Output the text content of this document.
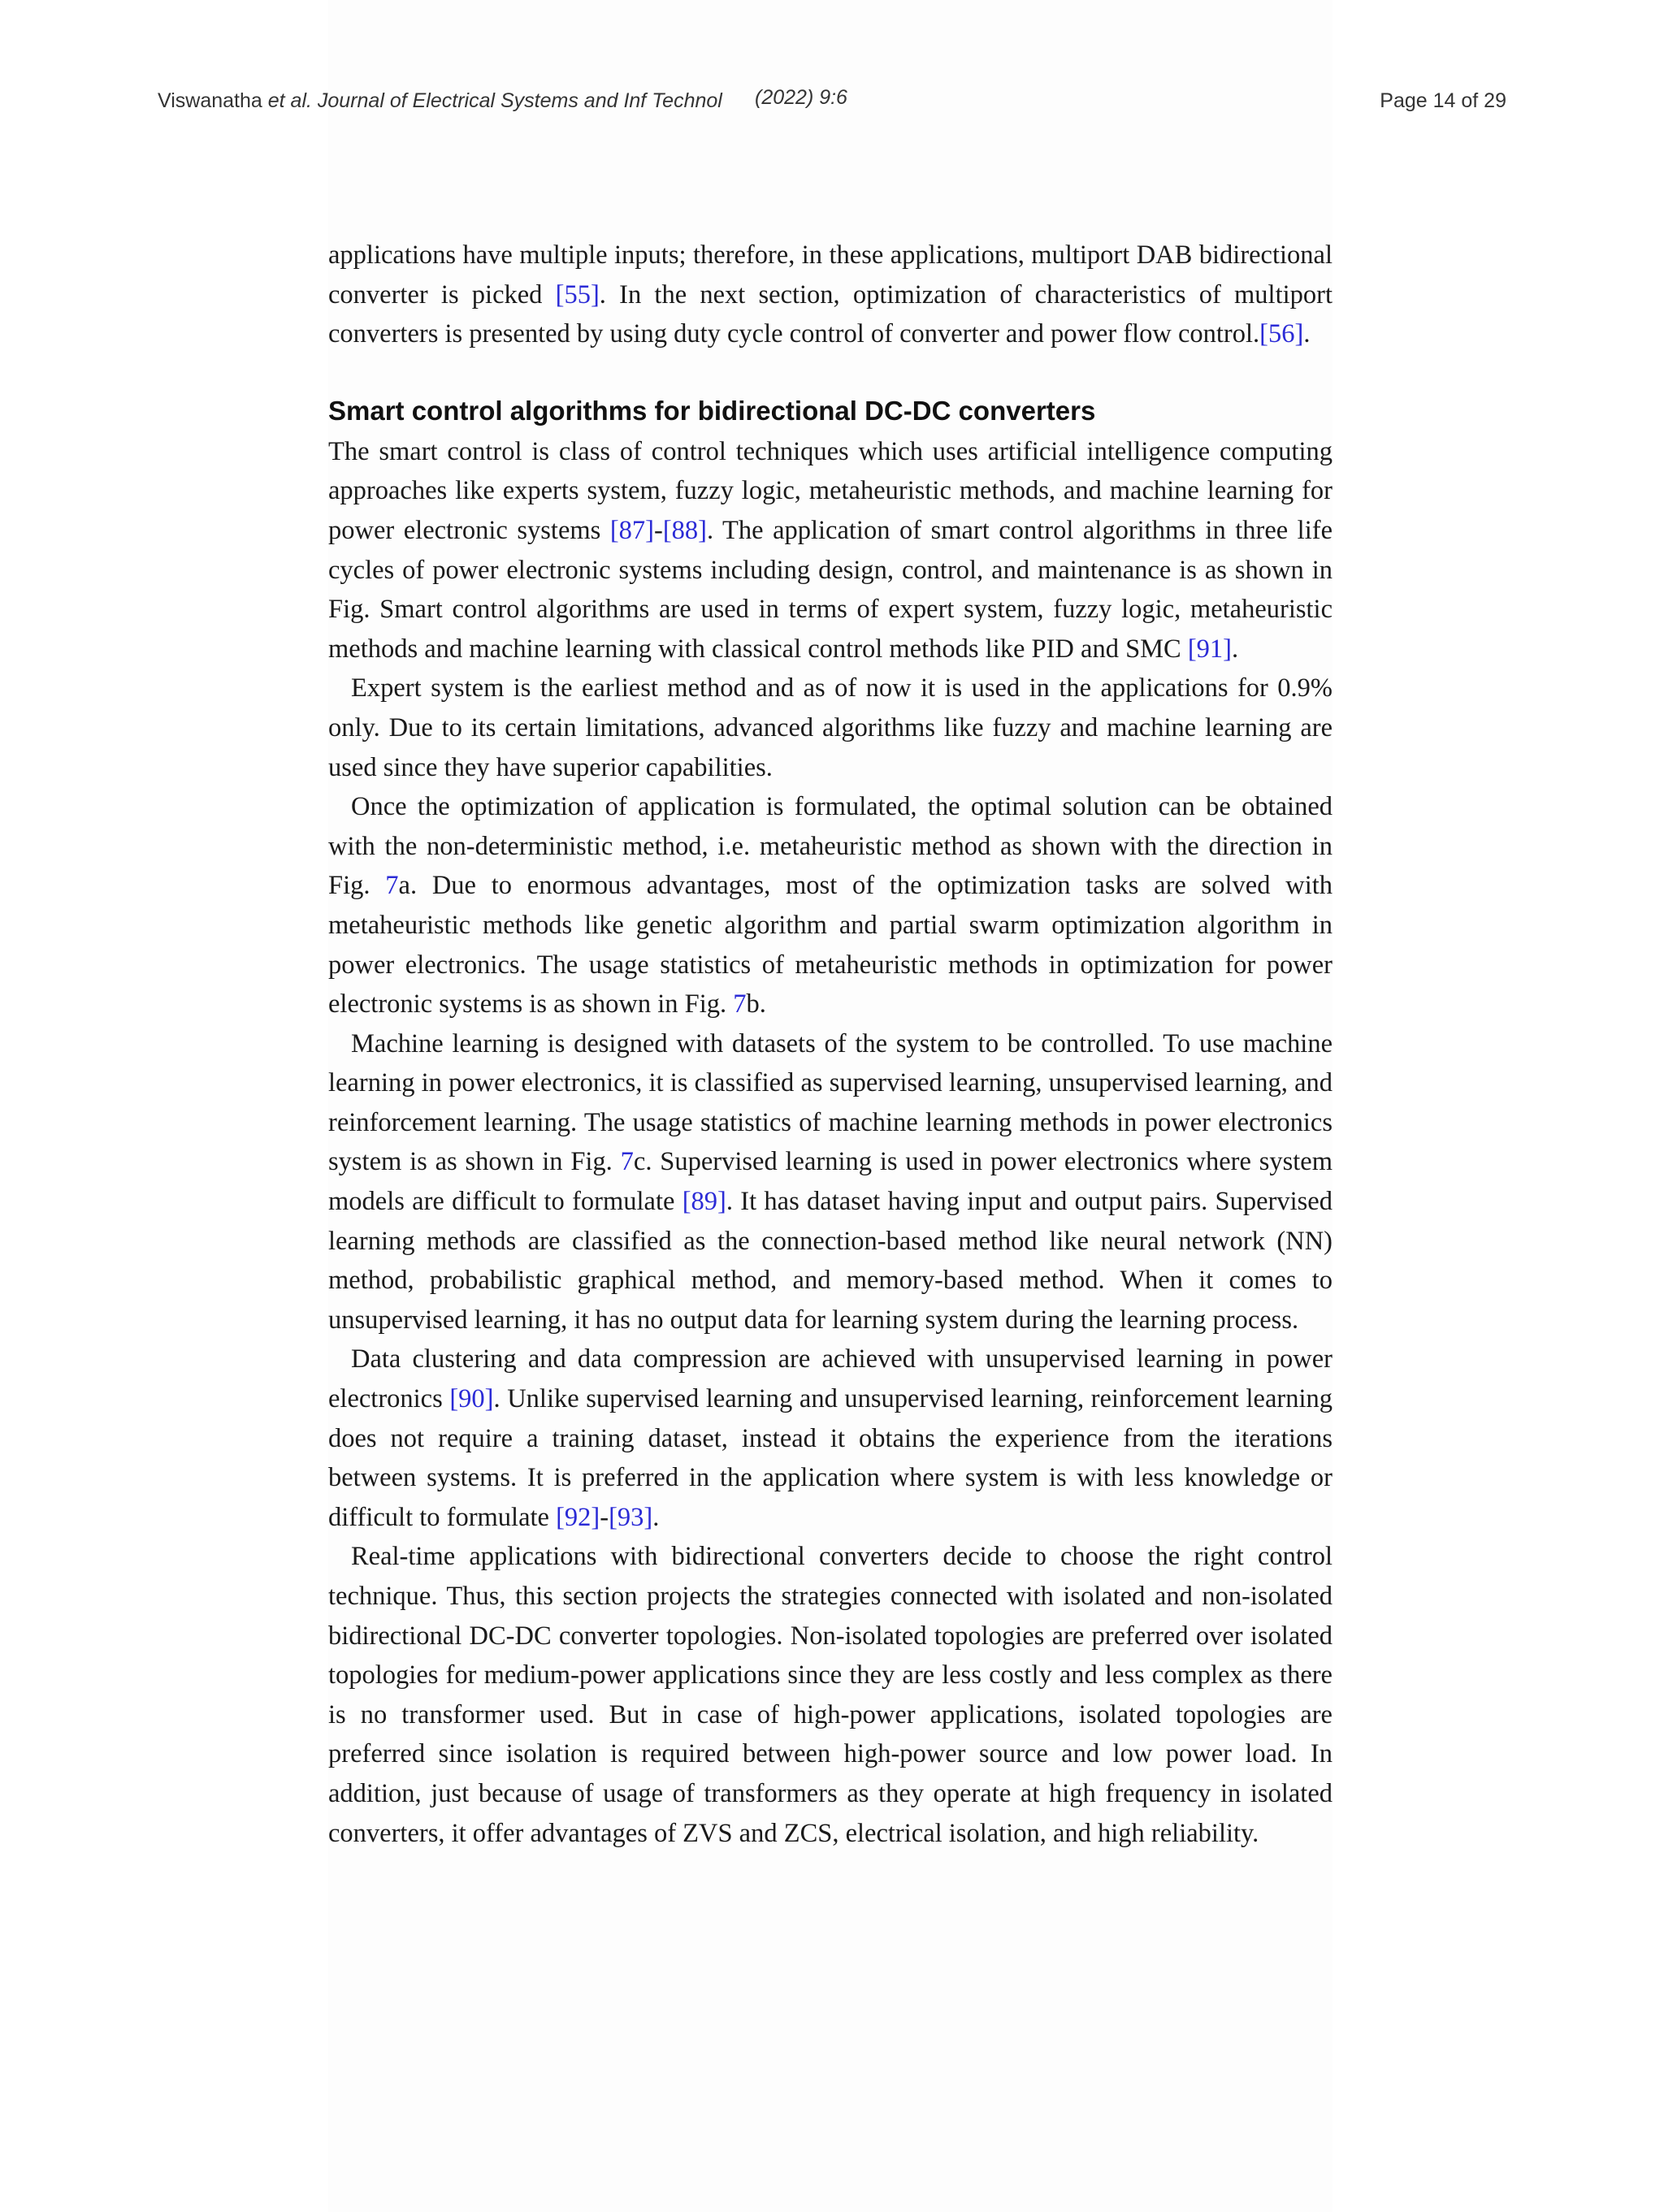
Viswanatha et al. Journal of Electrical Systems and Inf Technol (2022) 9:6	Page 14 of 29

applications have multiple inputs; therefore, in these applications, multiport DAB bidirectional converter is picked [55]. In the next section, optimization of characteristics of multiport converters is presented by using duty cycle control of converter and power flow control.[56].

Smart control algorithms for bidirectional DC-DC converters

The smart control is class of control techniques which uses artificial intelligence computing approaches like experts system, fuzzy logic, metaheuristic methods, and machine learning for power electronic systems [87]-[88]. The application of smart control algorithms in three life cycles of power electronic systems including design, control, and maintenance is as shown in Fig. Smart control algorithms are used in terms of expert system, fuzzy logic, metaheuristic methods and machine learning with classical control methods like PID and SMC [91].

Expert system is the earliest method and as of now it is used in the applications for 0.9% only. Due to its certain limitations, advanced algorithms like fuzzy and machine learning are used since they have superior capabilities.

Once the optimization of application is formulated, the optimal solution can be obtained with the non-deterministic method, i.e. metaheuristic method as shown with the direction in Fig. 7a. Due to enormous advantages, most of the optimization tasks are solved with metaheuristic methods like genetic algorithm and partial swarm optimization algorithm in power electronics. The usage statistics of metaheuristic methods in optimization for power electronic systems is as shown in Fig. 7b.

Machine learning is designed with datasets of the system to be controlled. To use machine learning in power electronics, it is classified as supervised learning, unsupervised learning, and reinforcement learning. The usage statistics of machine learning methods in power electronics system is as shown in Fig. 7c. Supervised learning is used in power electronics where system models are difficult to formulate [89]. It has dataset having input and output pairs. Supervised learning methods are classified as the connection-based method like neural network (NN) method, probabilistic graphical method, and memory-based method. When it comes to unsupervised learning, it has no output data for learning system during the learning process.

Data clustering and data compression are achieved with unsupervised learning in power electronics [90]. Unlike supervised learning and unsupervised learning, reinforcement learning does not require a training dataset, instead it obtains the experience from the iterations between systems. It is preferred in the application where system is with less knowledge or difficult to formulate [92]-[93].

Real-time applications with bidirectional converters decide to choose the right control technique. Thus, this section projects the strategies connected with isolated and non-isolated bidirectional DC-DC converter topologies. Non-isolated topologies are preferred over isolated topologies for medium-power applications since they are less costly and less complex as there is no transformer used. But in case of high-power applications, isolated topologies are preferred since isolation is required between high-power source and low power load. In addition, just because of usage of transformers as they operate at high frequency in isolated converters, it offer advantages of ZVS and ZCS, electrical isolation, and high reliability.
